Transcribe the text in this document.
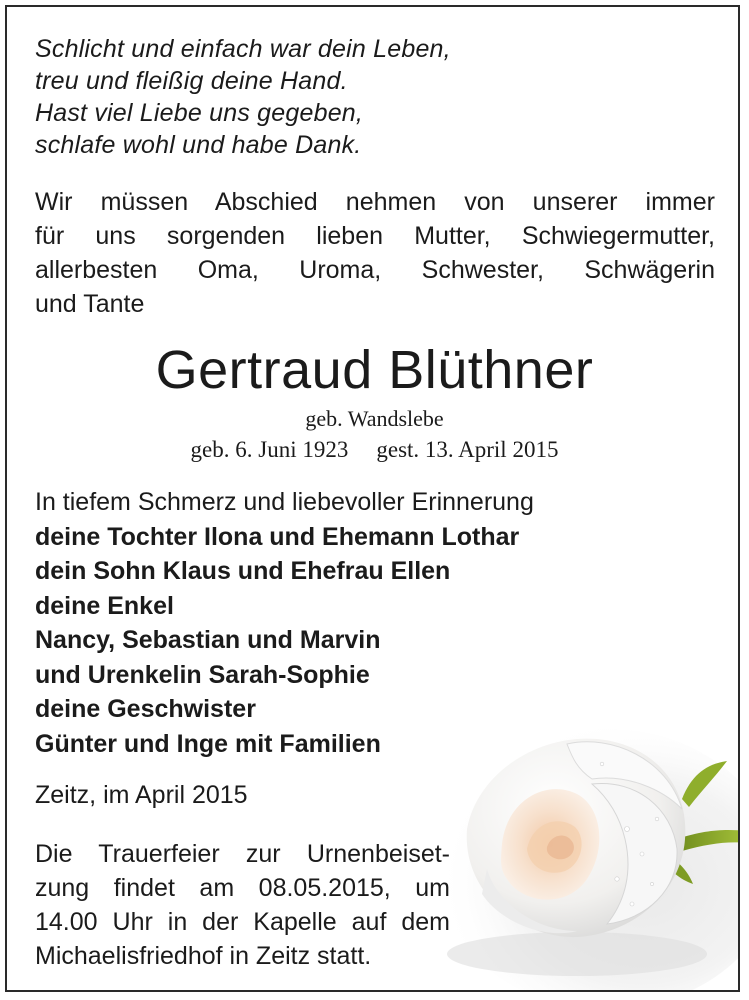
Schlicht und einfach war dein Leben,
treu und fleißig deine Hand.
Hast viel Liebe uns gegeben,
schlafe wohl und habe Dank.
Wir müssen Abschied nehmen von unserer immer
für uns sorgenden lieben Mutter, Schwiegermutter,
allerbesten Oma, Uroma, Schwester, Schwägerin
und Tante
Gertraud Blüthner
geb. Wandslebe
geb. 6. Juni 1923 gest. 13. April 2015
In tiefem Schmerz und liebevoller Erinnerung
deine Tochter Ilona und Ehemann Lothar
dein Sohn Klaus und Ehefrau Ellen
deine Enkel
Nancy, Sebastian und Marvin
und Urenkelin Sarah-Sophie
deine Geschwister
Günter und Inge mit Familien
Zeitz, im April 2015
Die Trauerfeier zur Urnenbeiset-
zung findet am 08.05.2015, um
14.00 Uhr in der Kapelle auf dem
Michaelisfriedhof in Zeitz statt.
